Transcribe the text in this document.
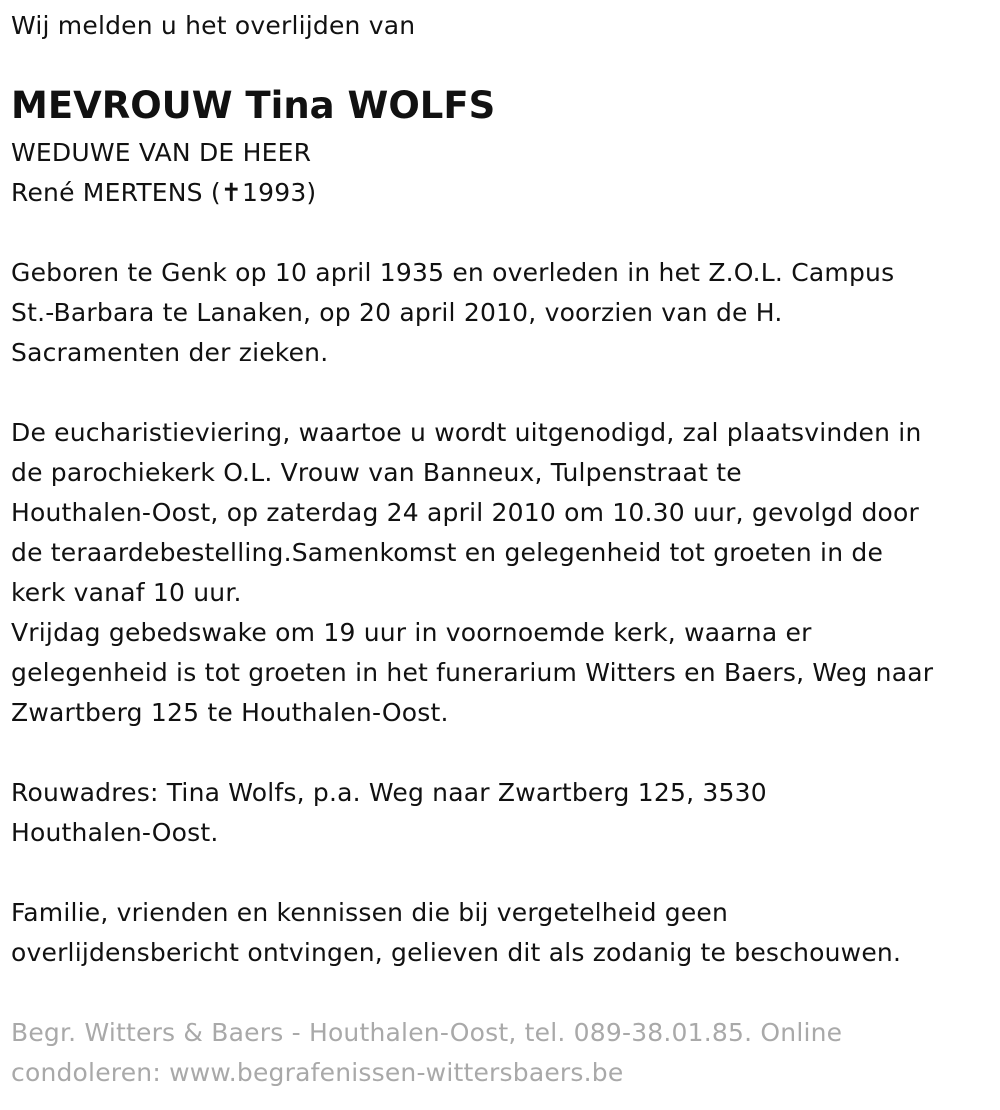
Wij melden u het overlijden van
MEVROUW Tina WOLFS
WEDUWE VAN DE HEER
René MERTENS (✝1993)
Geboren te Genk op 10 april 1935 en overleden in het Z.O.L. Campus
St.-Barbara te Lanaken, op 20 april 2010, voorzien van de H.
Sacramenten der zieken.
De eucharistieviering, waartoe u wordt uitgenodigd, zal plaatsvinden in
de parochiekerk O.L. Vrouw van Banneux, Tulpenstraat te
Houthalen-Oost, op zaterdag 24 april 2010 om 10.30 uur, gevolgd door
de teraardebestelling.Samenkomst en gelegenheid tot groeten in de
kerk vanaf 10 uur.
Vrijdag gebedswake om 19 uur in voornoemde kerk, waarna er
gelegenheid is tot groeten in het funerarium Witters en Baers, Weg naar
Zwartberg 125 te Houthalen-Oost.
Rouwadres: Tina Wolfs, p.a. Weg naar Zwartberg 125, 3530
Houthalen-Oost.
Familie, vrienden en kennissen die bij vergetelheid geen
overlijdensbericht ontvingen, gelieven dit als zodanig te beschouwen.
Begr. Witters & Baers - Houthalen-Oost, tel. 089-38.01.85. Online
condoleren: www.begrafenissen-wittersbaers.be
